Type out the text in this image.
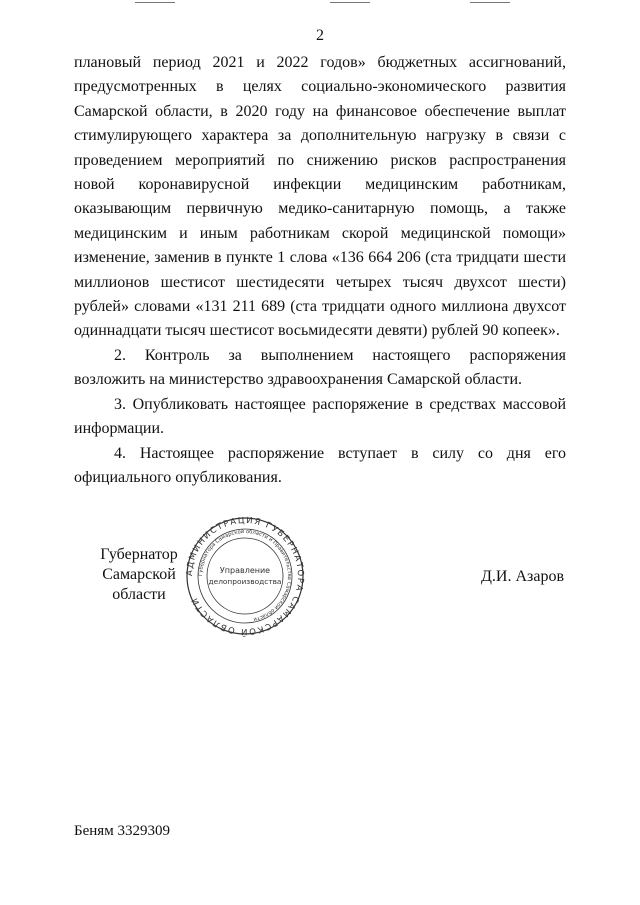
2

плановый период 2021 и 2022 годов» бюджетных ассигнований, предусмотренных в целях социально-экономического развития Самарской области, в 2020 году на финансовое обеспечение выплат стимулирующего характера за дополнительную нагрузку в связи с проведением мероприятий по снижению рисков распространения новой коронавирусной инфекции медицинским работникам, оказывающим первичную медико-санитарную помощь, а также медицинским и иным работникам скорой медицинской помощи» изменение, заменив в пункте 1 слова «136 664 206 (ста тридцати шести миллионов шестисот шестидесяти четырех тысяч двухсот шести) рублей» словами «131 211 689 (ста тридцати одного миллиона двухсот одиннадцати тысяч шестисот восьмидесяти девяти) рублей 90 копеек».

2. Контроль за выполнением настоящего распоряжения возложить на министерство здравоохранения Самарской области.

3. Опубликовать настоящее распоряжение в средствах массовой информации.

4. Настоящее распоряжение вступает в силу со дня его официального опубликования.

Губернатор
Самарской области
АДМИНИСТРАЦИЯ ГУБЕРНАТОРА САМАРСКОЙ ОБЛАСТИ
Губернатора Самарской области и Правительства Самарской области
Управление
делопроизводства	Д.И. Азаров
Беням 3329309
